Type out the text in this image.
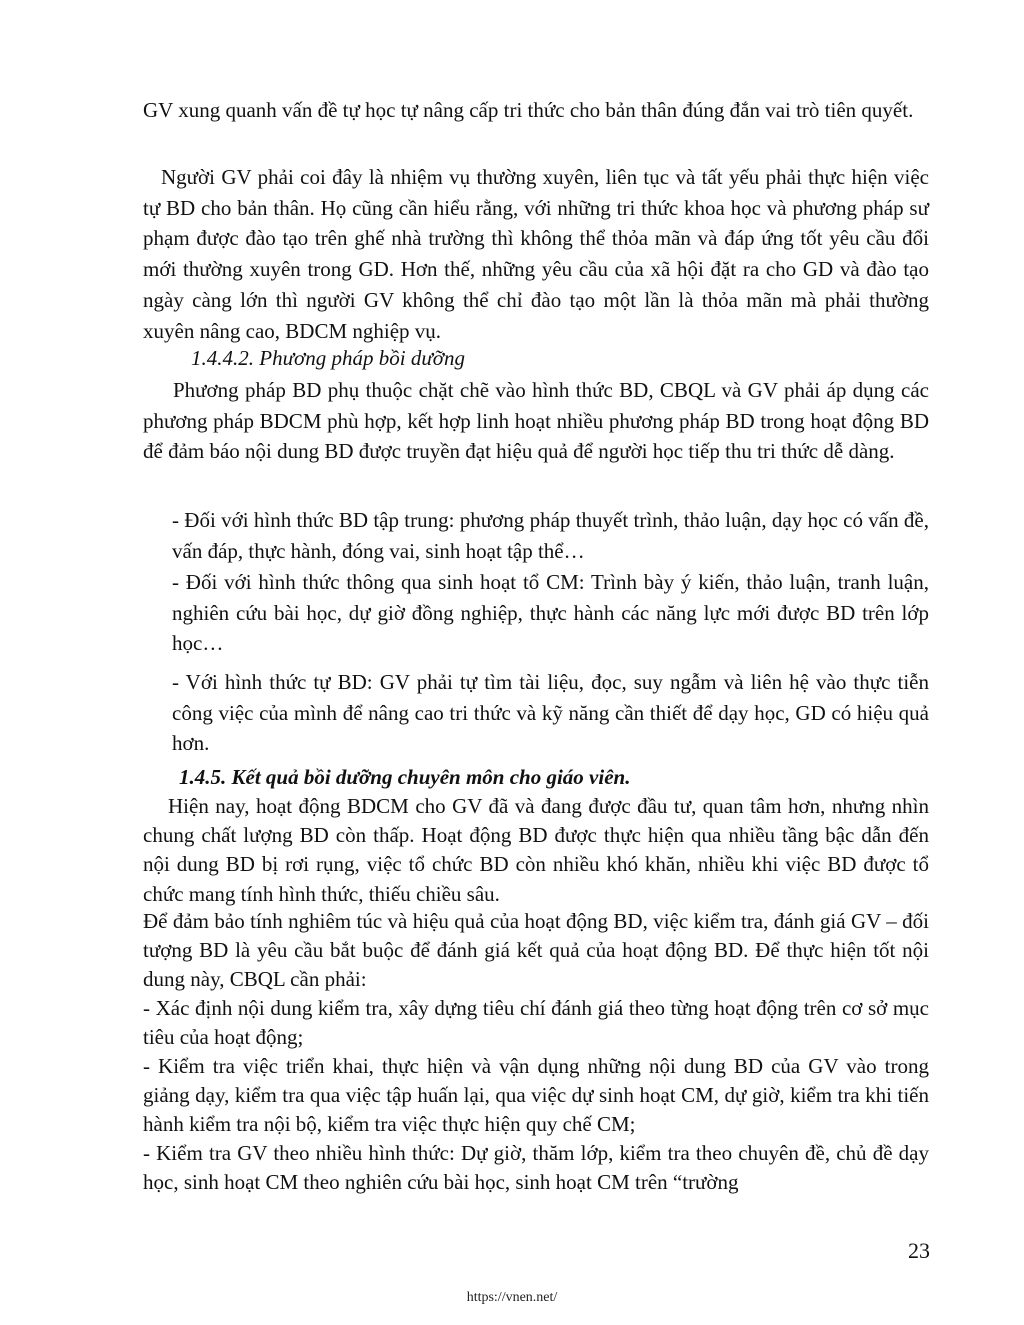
GV xung quanh vấn đề tự học tự nâng cấp tri thức cho bản thân đúng đắn vai trò tiên quyết.
Người GV phải coi đây là nhiệm vụ thường xuyên, liên tục và tất yếu phải thực hiện việc tự BD cho bản thân. Họ cũng cần hiểu rằng, với những tri thức khoa học và phương pháp sư phạm được đào tạo trên ghế nhà trường thì không thể thỏa mãn và đáp ứng tốt yêu cầu đổi mới thường xuyên trong GD. Hơn thế, những yêu cầu của xã hội đặt ra cho GD và đào tạo ngày càng lớn thì người GV không thể chỉ đào tạo một lần là thỏa mãn mà phải thường xuyên nâng cao, BDCM nghiệp vụ.
1.4.4.2. Phương pháp bồi dưỡng
Phương pháp BD phụ thuộc chặt chẽ vào hình thức BD, CBQL và GV phải áp dụng các phương pháp BDCM phù hợp, kết hợp linh hoạt nhiều phương pháp BD trong hoạt động BD để đảm báo nội dung BD được truyền đạt hiệu quả để người học tiếp thu tri thức dễ dàng.
- Đối với hình thức BD tập trung: phương pháp thuyết trình, thảo luận, dạy học có vấn đề, vấn đáp, thực hành, đóng vai, sinh hoạt tập thể…
- Đối với hình thức thông qua sinh hoạt tổ CM: Trình bày ý kiến, thảo luận, tranh luận, nghiên cứu bài học, dự giờ đồng nghiệp, thực hành các năng lực mới được BD trên lớp học…
- Với hình thức tự BD: GV phải tự tìm tài liệu, đọc, suy ngẫm và liên hệ vào thực tiễn công việc của mình để nâng cao tri thức và kỹ năng cần thiết để dạy học, GD có hiệu quả hơn.
1.4.5. Kết quả bồi dưỡng chuyên môn cho giáo viên.
Hiện nay, hoạt động BDCM cho GV đã và đang được đầu tư, quan tâm hơn, nhưng nhìn chung chất lượng BD còn thấp. Hoạt động BD được thực hiện qua nhiều tầng bậc dẫn đến nội dung BD bị rơi rụng, việc tổ chức BD còn nhiều khó khăn, nhiều khi việc BD được tổ chức mang tính hình thức, thiếu chiều sâu.
Để đảm bảo tính nghiêm túc và hiệu quả của hoạt động BD, việc kiểm tra, đánh giá GV – đối tượng BD là yêu cầu bắt buộc để đánh giá kết quả của hoạt động BD. Để thực hiện tốt nội dung này, CBQL cần phải:
- Xác định nội dung kiểm tra, xây dựng tiêu chí đánh giá theo từng hoạt động trên cơ sở mục tiêu của hoạt động;
- Kiểm tra việc triển khai, thực hiện và vận dụng những nội dung BD của GV vào trong giảng dạy, kiểm tra qua việc tập huấn lại, qua việc dự sinh hoạt CM, dự giờ, kiểm tra khi tiến hành kiểm tra nội bộ, kiểm tra việc thực hiện quy chế CM;
- Kiểm tra GV theo nhiều hình thức: Dự giờ, thăm lớp, kiểm tra theo chuyên đề, chủ đề dạy học, sinh hoạt CM theo nghiên cứu bài học, sinh hoạt CM trên “trường
23
https://vnen.net/
